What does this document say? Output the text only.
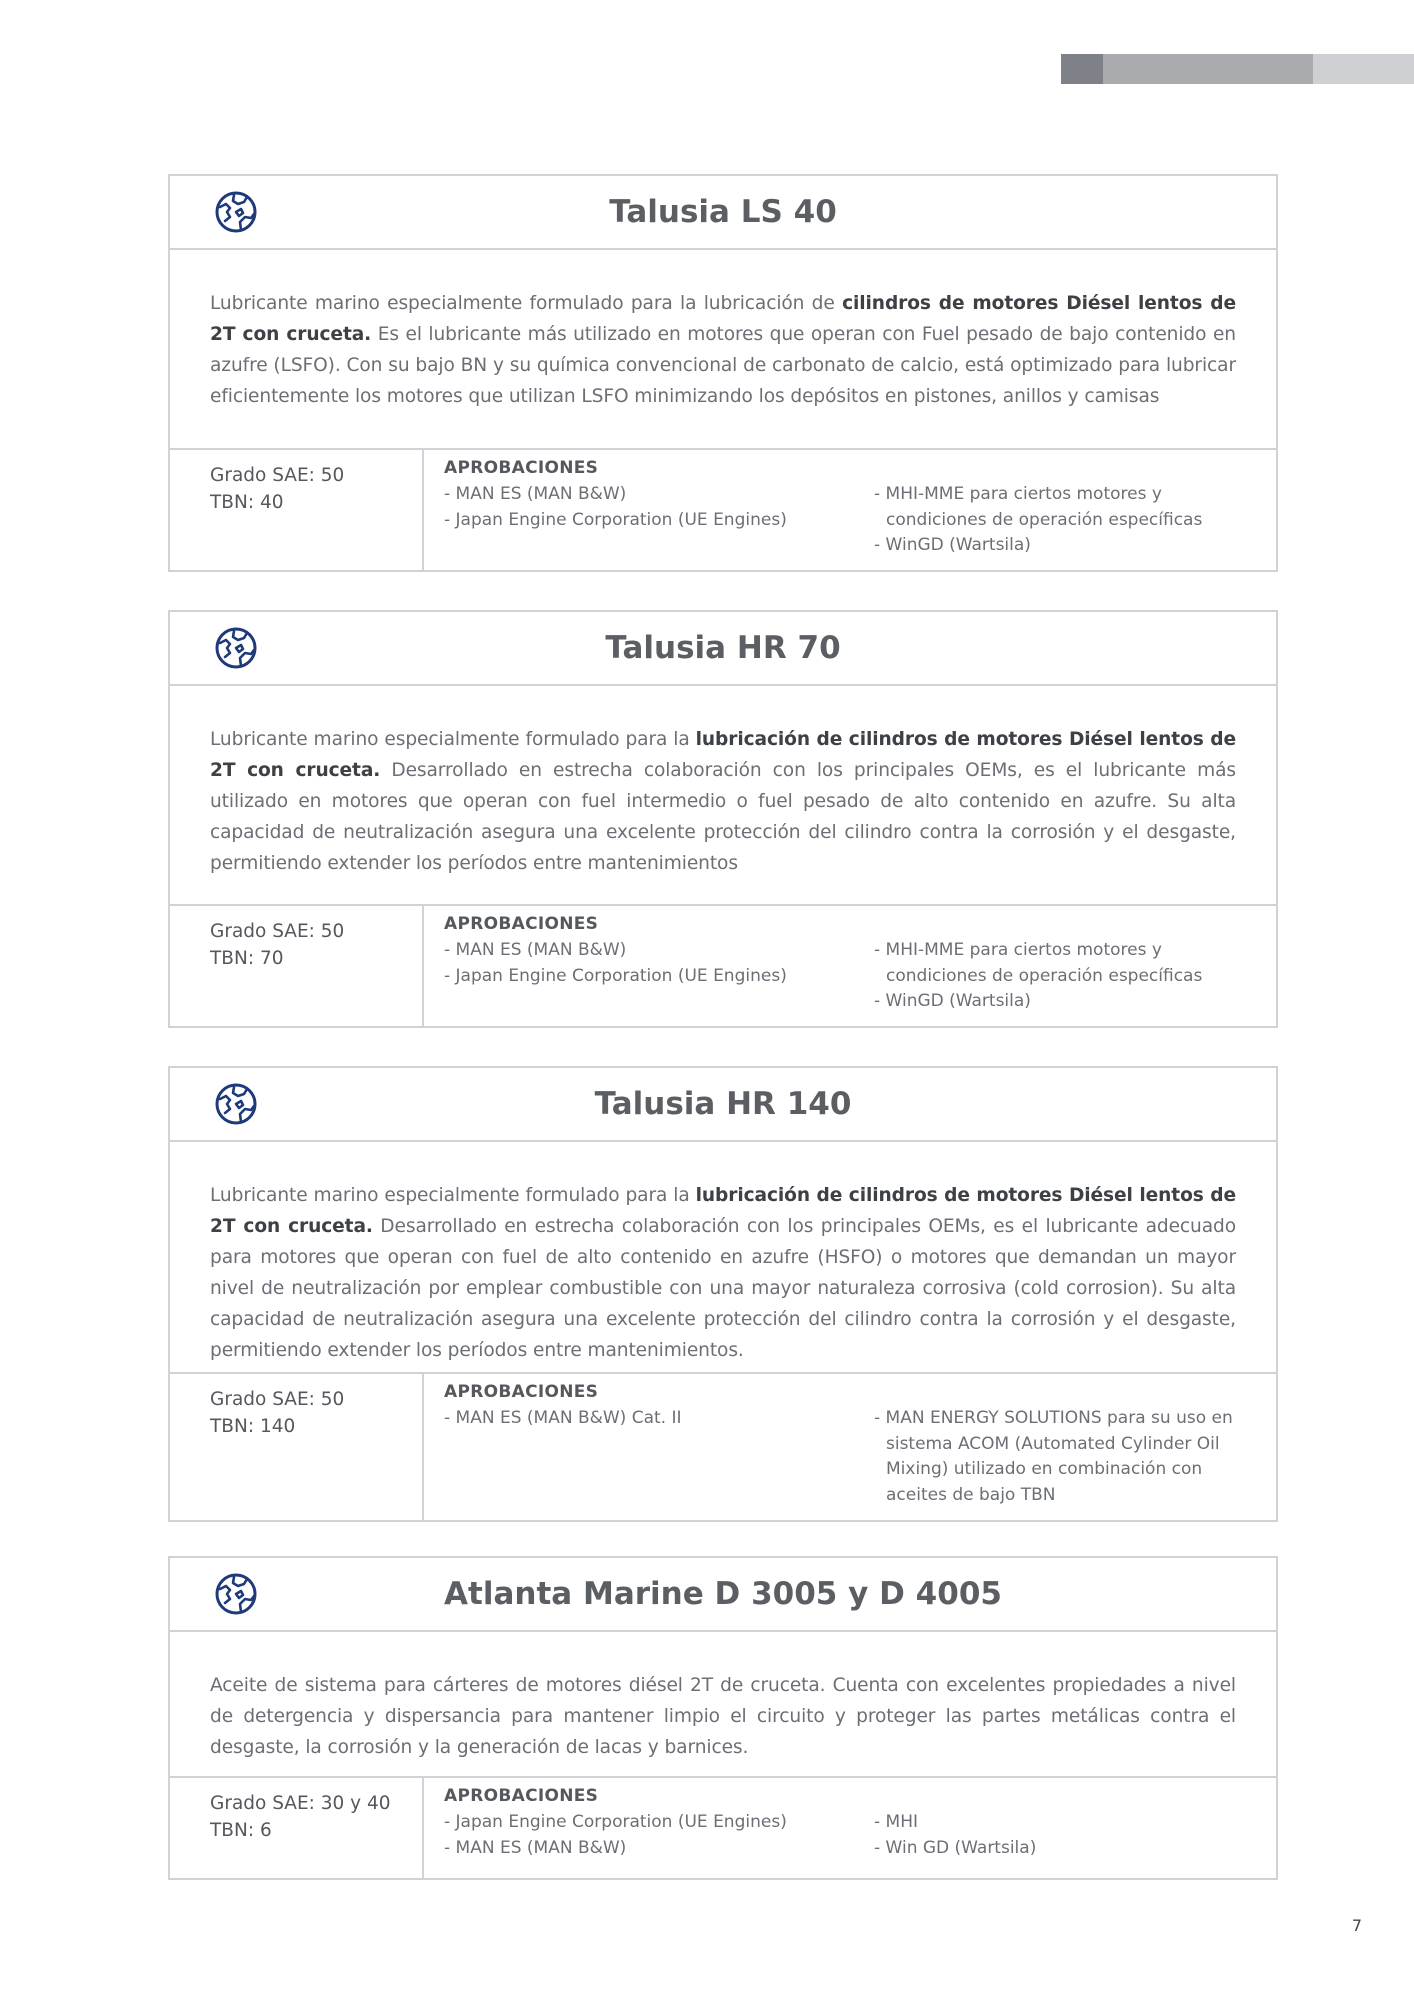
Talusia LS 40
Lubricante marino especialmente formulado para la lubricación de cilindros de motores Diésel lentos de 2T con cruceta. Es el lubricante más utilizado en motores que operan con Fuel pesado de bajo contenido en azufre (LSFO). Con su bajo BN y su química convencional de carbonato de calcio, está optimizado para lubricar eficientemente los motores que utilizan LSFO minimizando los depósitos en pistones, anillos y camisas
Grado SAE: 50
TBN: 40
APROBACIONES
- MAN ES (MAN B&W)
- Japan Engine Corporation (UE Engines)
- MHI-MME para ciertos motores y condiciones de operación específicas
- WinGD (Wartsila)
Talusia HR 70
Lubricante marino especialmente formulado para la lubricación de cilindros de motores Diésel lentos de 2T con cruceta. Desarrollado en estrecha colaboración con los principales OEMs, es el lubricante más utilizado en motores que operan con fuel intermedio o fuel pesado de alto contenido en azufre. Su alta capacidad de neutralización asegura una excelente protección del cilindro contra la corrosión y el desgaste, permitiendo extender los períodos entre mantenimientos
Grado SAE: 50
TBN: 70
APROBACIONES
- MAN ES (MAN B&W)
- Japan Engine Corporation (UE Engines)
- MHI-MME para ciertos motores y condiciones de operación específicas
- WinGD (Wartsila)
Talusia HR 140
Lubricante marino especialmente formulado para la lubricación de cilindros de motores Diésel lentos de 2T con cruceta. Desarrollado en estrecha colaboración con los principales OEMs, es el lubricante adecuado para motores que operan con fuel de alto contenido en azufre (HSFO) o motores que demandan un mayor nivel de neutralización por emplear combustible con una mayor naturaleza corrosiva (cold corrosion). Su alta capacidad de neutralización asegura una excelente protección del cilindro contra la corrosión y el desgaste, permitiendo extender los períodos entre mantenimientos.
Grado SAE: 50
TBN: 140
APROBACIONES
- MAN ES (MAN B&W) Cat. II	- MAN ENERGY SOLUTIONS para su uso en sistema ACOM (Automated Cylinder Oil Mixing) utilizado en combinación con aceites de bajo TBN
Atlanta Marine D 3005 y D 4005
Aceite de sistema para cárteres de motores diésel 2T de cruceta. Cuenta con excelentes propiedades a nivel de detergencia y dispersancia para mantener limpio el circuito y proteger las partes metálicas contra el desgaste, la corrosión y la generación de lacas y barnices.
Grado SAE: 30 y 40
TBN: 6
APROBACIONES
- Japan Engine Corporation (UE Engines)
- MAN ES (MAN B&W)
- MHI
- Win GD (Wartsila)
7
